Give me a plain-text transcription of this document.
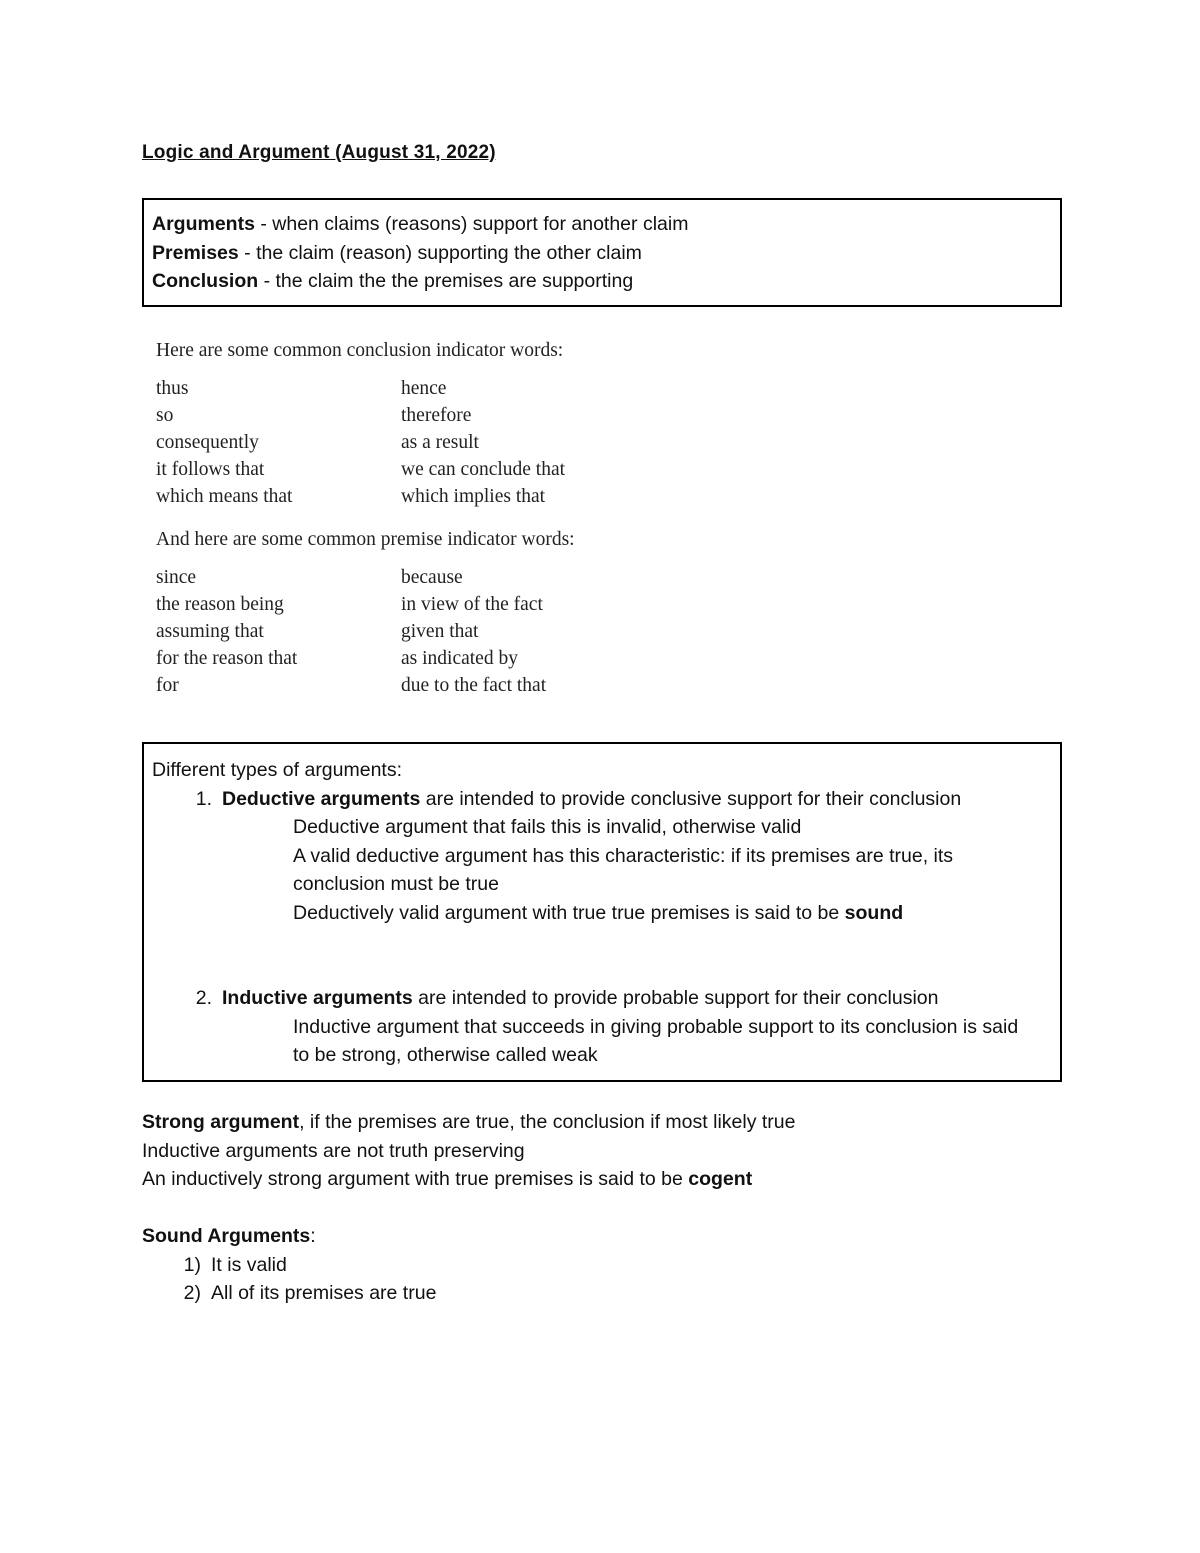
Logic and Argument (August 31, 2022)

Arguments - when claims (reasons) support for another claim

Premises - the claim (reason) supporting the other claim

Conclusion - the claim the the premises are supporting

Here are some common conclusion indicator words:

thus	hence
so	therefore
consequently	as a result
it follows that	we can conclude that
which means that	which implies that

And here are some common premise indicator words:

since	because
the reason being	in view of the fact
assuming that	given that
for the reason that	as indicated by
for	due to the fact that

Different types of arguments:

1. Deductive arguments are intended to provide conclusive support for their conclusion
Deductive argument that fails this is invalid, otherwise valid
A valid deductive argument has this characteristic: if its premises are true, its conclusion must be true
Deductively valid argument with true true premises is said to be sound
2. Inductive arguments are intended to provide probable support for their conclusion
Inductive argument that succeeds in giving probable support to its conclusion is said to be strong, otherwise called weak

Strong argument, if the premises are true, the conclusion if most likely true

Inductive arguments are not truth preserving

An inductively strong argument with true premises is said to be cogent

Sound Arguments:

1) It is valid
2) All of its premises are true
